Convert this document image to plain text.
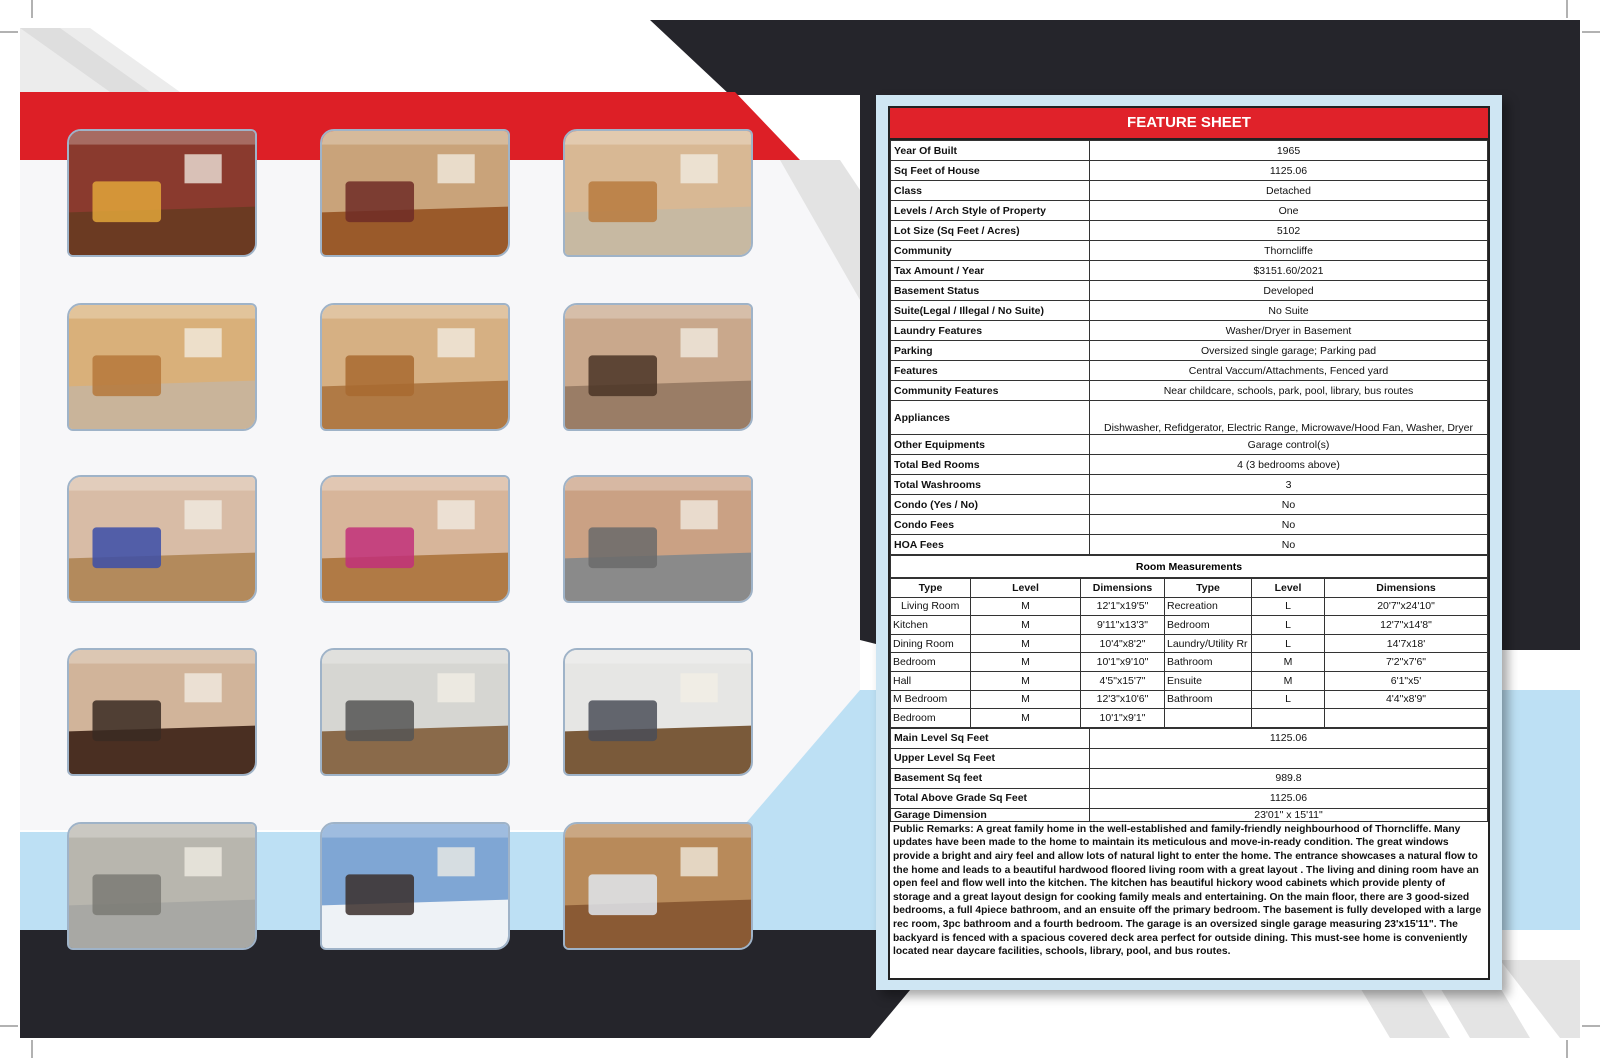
FEATURE SHEET
Year Of Built	1965
Sq Feet of House	1125.06
Class	Detached
Levels / Arch Style of Property	One
Lot Size (Sq Feet / Acres)	5102
Community	Thorncliffe
Tax Amount / Year	$3151.60/2021
Basement Status	Developed
Suite(Legal / Illegal / No Suite)	No Suite
Laundry Features	Washer/Dryer in Basement
Parking	Oversized single garage; Parking pad
Features	Central Vaccum/Attachments, Fenced yard
Community Features	Near childcare, schools, park, pool, library, bus routes
Appliances	Dishwasher, Refidgerator, Electric Range, Microwave/Hood Fan, Washer, Dryer
Other Equipments	Garage control(s)
Total Bed Rooms	4 (3 bedrooms above)
Total Washrooms	3
Condo (Yes / No)	No
Condo Fees	No
HOA Fees	No
Room Measurements
Type	Level	Dimensions	Type	Level	Dimensions
Living Room	M	12'1"x19'5"	Recreation	L	20'7"x24'10"
Kitchen	M	9'11"x13'3"	Bedroom	L	12'7"x14'8"
Dining Room	M	10'4"x8'2"	Laundry/Utility Rr	L	14'7x18'
Bedroom	M	10'1"x9'10"	Bathroom	M	7'2"x7'6"
Hall	M	4'5"x15'7"	Ensuite	M	6'1"x5'
M Bedroom	M	12'3"x10'6"	Bathroom	L	4'4"x8'9"
Bedroom	M	10'1"x9'1"			
Main Level Sq Feet	1125.06
Upper Level Sq Feet	
Basement Sq feet	989.8
Total Above Grade Sq Feet	1125.06
Garage Dimension	23'01" x 15'11"
Public Remarks: A great family home in the well-established and family-friendly neighbourhood of Thorncliffe. Many updates have been made to the home to maintain its meticulous and move-in-ready condition. The great windows provide a bright and airy feel and allow lots of natural light to enter the home. The entrance showcases a natural flow to the home and leads to a beautiful hardwood floored living room with a great layout . The living and dining room have an open feel and flow well into the kitchen. The kitchen has beautiful hickory wood cabinets which provide plenty of storage and a great layout design for cooking family meals and entertaining. On the main floor, there are 3 good-sized bedrooms, a full 4piece bathroom, and an ensuite off the primary bedroom. The basement is fully developed with a large rec room, 3pc bathroom and a fourth bedroom. The garage is an oversized single garage measuring 23'x15'11". The backyard is fenced with a spacious covered deck area perfect for outside dining. This must-see home is conveniently located near daycare facilities, schools, library, pool, and bus routes.
